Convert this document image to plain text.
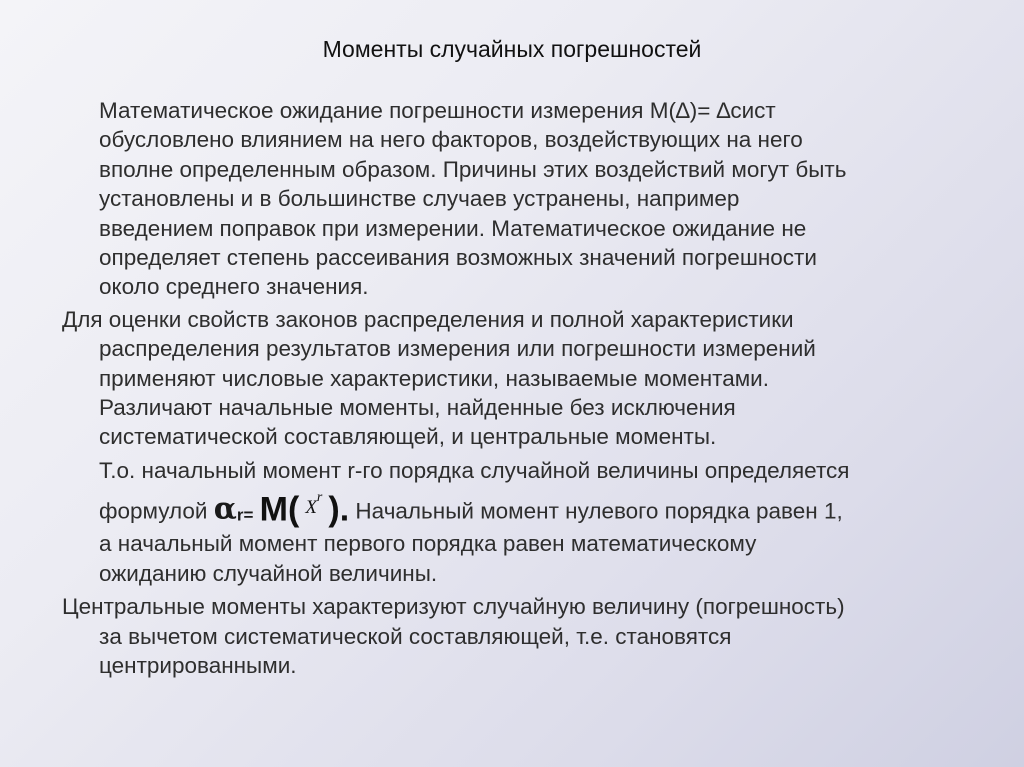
Моменты случайных погрешностей
Математическое ожидание погрешности измерения М(∆)= ∆сист
обусловлено влиянием на него факторов, воздействующих на него
вполне определенным образом. Причины этих воздействий могут быть
установлены и в большинстве случаев устранены, например
введением поправок при измерении. Математическое ожидание не
определяет степень рассеивания возможных значений погрешности
около среднего значения.
Для оценки свойств законов распределения и полной характеристики
распределения результатов измерения или погрешности измерений
применяют числовые характеристики, называемые моментами.
Различают начальные моменты, найденные без исключения
систематической составляющей, и центральные моменты.
Т.о. начальный момент r-го порядка случайной величины определяется
формулой αr= M( $^{X^r}$ ). Начальный момент нулевого порядка равен 1,
а начальный момент первого порядка равен математическому
ожиданию случайной величины.
Центральные моменты характеризуют случайную величину (погрешность)
за вычетом систематической составляющей, т.е. становятся
центрированными.
